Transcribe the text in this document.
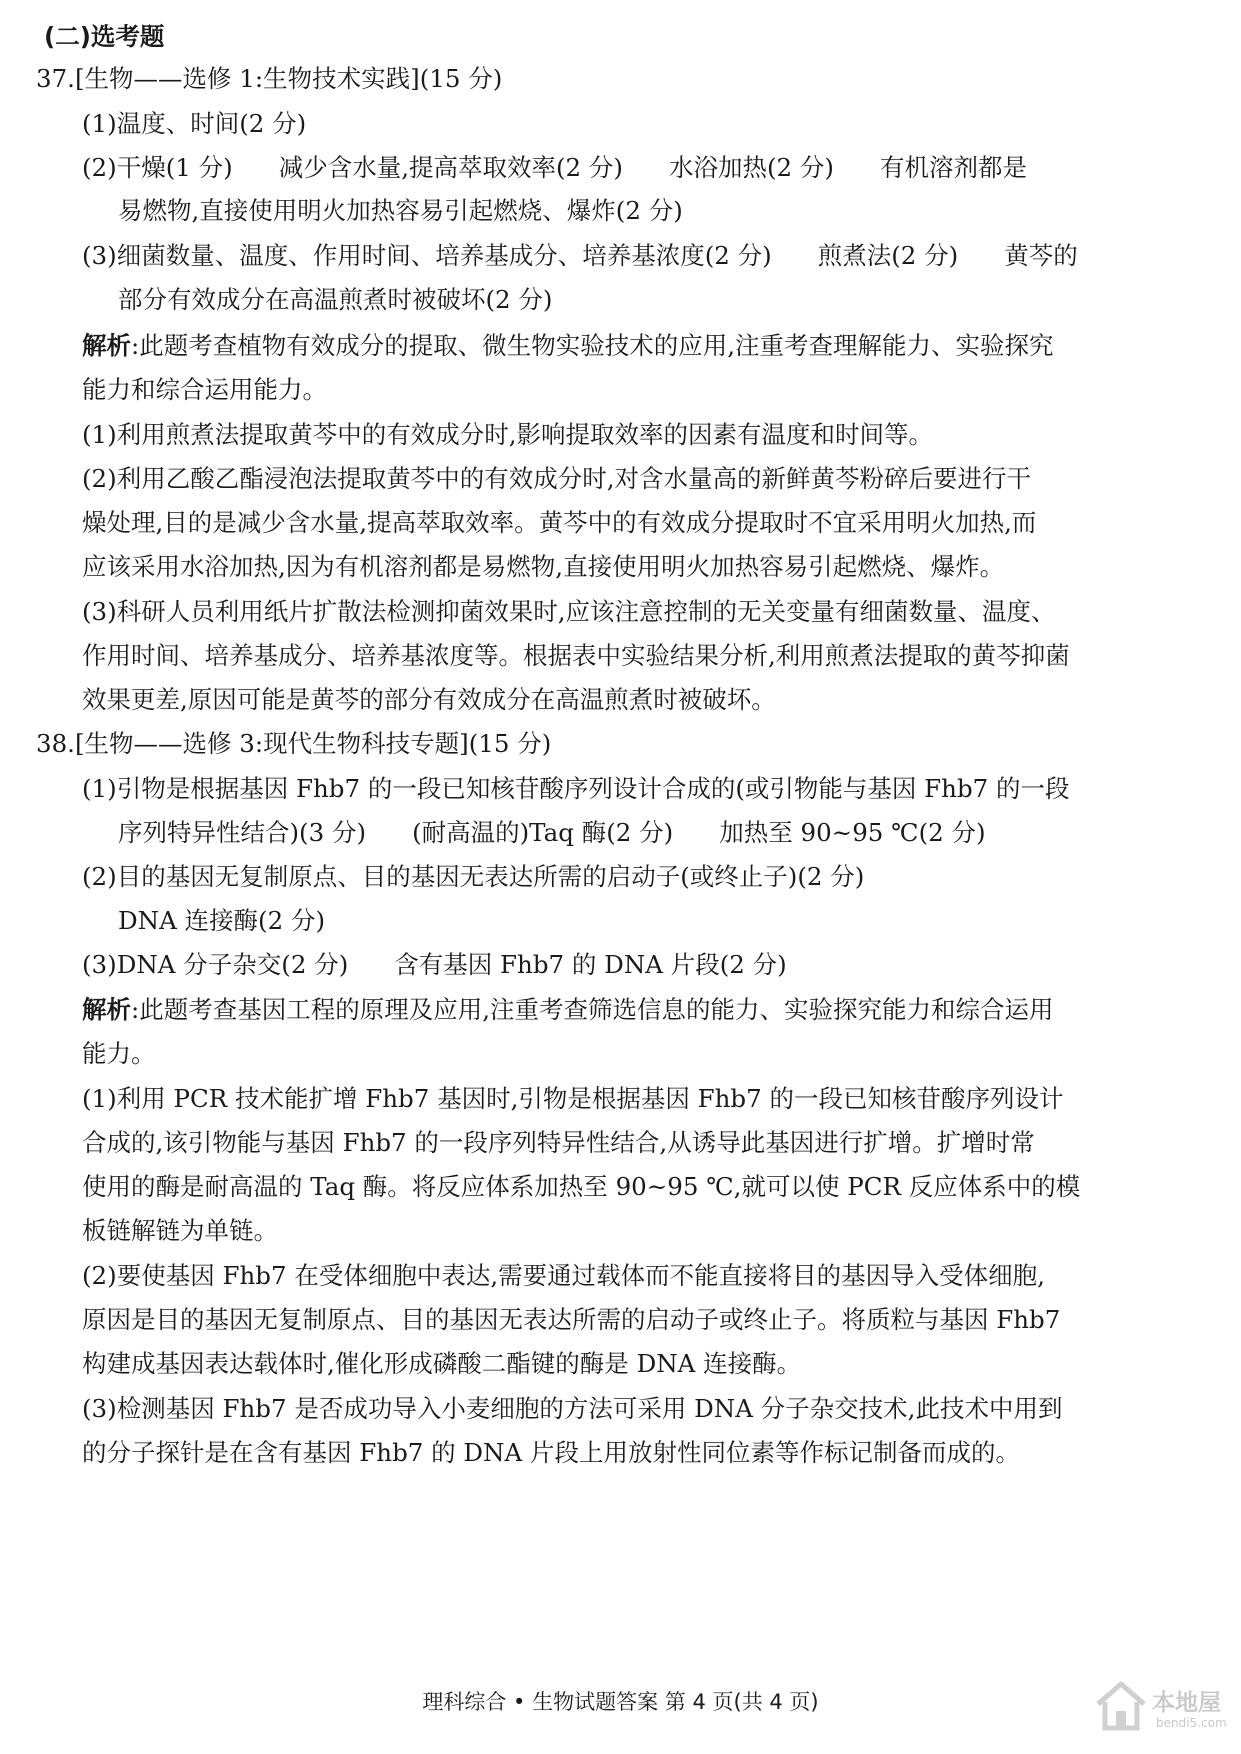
(二)选考题
37.[生物——选修 1:生物技术实践](15 分)
(1)温度、时间(2 分)
(2)干燥(1 分) 减少含水量,提高萃取效率(2 分) 水浴加热(2 分) 有机溶剂都是
易燃物,直接使用明火加热容易引起燃烧、爆炸(2 分)
(3)细菌数量、温度、作用时间、培养基成分、培养基浓度(2 分) 煎煮法(2 分) 黄芩的
部分有效成分在高温煎煮时被破坏(2 分)
解析:此题考查植物有效成分的提取、微生物实验技术的应用,注重考查理解能力、实验探究
能力和综合运用能力。
(1)利用煎煮法提取黄芩中的有效成分时,影响提取效率的因素有温度和时间等。
(2)利用乙酸乙酯浸泡法提取黄芩中的有效成分时,对含水量高的新鲜黄芩粉碎后要进行干
燥处理,目的是减少含水量,提高萃取效率。黄芩中的有效成分提取时不宜采用明火加热,而
应该采用水浴加热,因为有机溶剂都是易燃物,直接使用明火加热容易引起燃烧、爆炸。
(3)科研人员利用纸片扩散法检测抑菌效果时,应该注意控制的无关变量有细菌数量、温度、
作用时间、培养基成分、培养基浓度等。根据表中实验结果分析,利用煎煮法提取的黄芩抑菌
效果更差,原因可能是黄芩的部分有效成分在高温煎煮时被破坏。
38.[生物——选修 3:现代生物科技专题](15 分)
(1)引物是根据基因 Fhb7 的一段已知核苷酸序列设计合成的(或引物能与基因 Fhb7 的一段
序列特异性结合)(3 分) (耐高温的)Taq 酶(2 分) 加热至 90~95 ℃(2 分)
(2)目的基因无复制原点、目的基因无表达所需的启动子(或终止子)(2 分)
DNA 连接酶(2 分)
(3)DNA 分子杂交(2 分) 含有基因 Fhb7 的 DNA 片段(2 分)
解析:此题考查基因工程的原理及应用,注重考查筛选信息的能力、实验探究能力和综合运用
能力。
(1)利用 PCR 技术能扩增 Fhb7 基因时,引物是根据基因 Fhb7 的一段已知核苷酸序列设计
合成的,该引物能与基因 Fhb7 的一段序列特异性结合,从诱导此基因进行扩增。扩增时常
使用的酶是耐高温的 Taq 酶。将反应体系加热至 90~95 ℃,就可以使 PCR 反应体系中的模
板链解链为单链。
(2)要使基因 Fhb7 在受体细胞中表达,需要通过载体而不能直接将目的基因导入受体细胞,
原因是目的基因无复制原点、目的基因无表达所需的启动子或终止子。将质粒与基因 Fhb7
构建成基因表达载体时,催化形成磷酸二酯键的酶是 DNA 连接酶。
(3)检测基因 Fhb7 是否成功导入小麦细胞的方法可采用 DNA 分子杂交技术,此技术中用到
的分子探针是在含有基因 Fhb7 的 DNA 片段上用放射性同位素等作标记制备而成的。
理科综合 • 生物试题答案 第 4 页(共 4 页)	本地屋
bendi5.com
